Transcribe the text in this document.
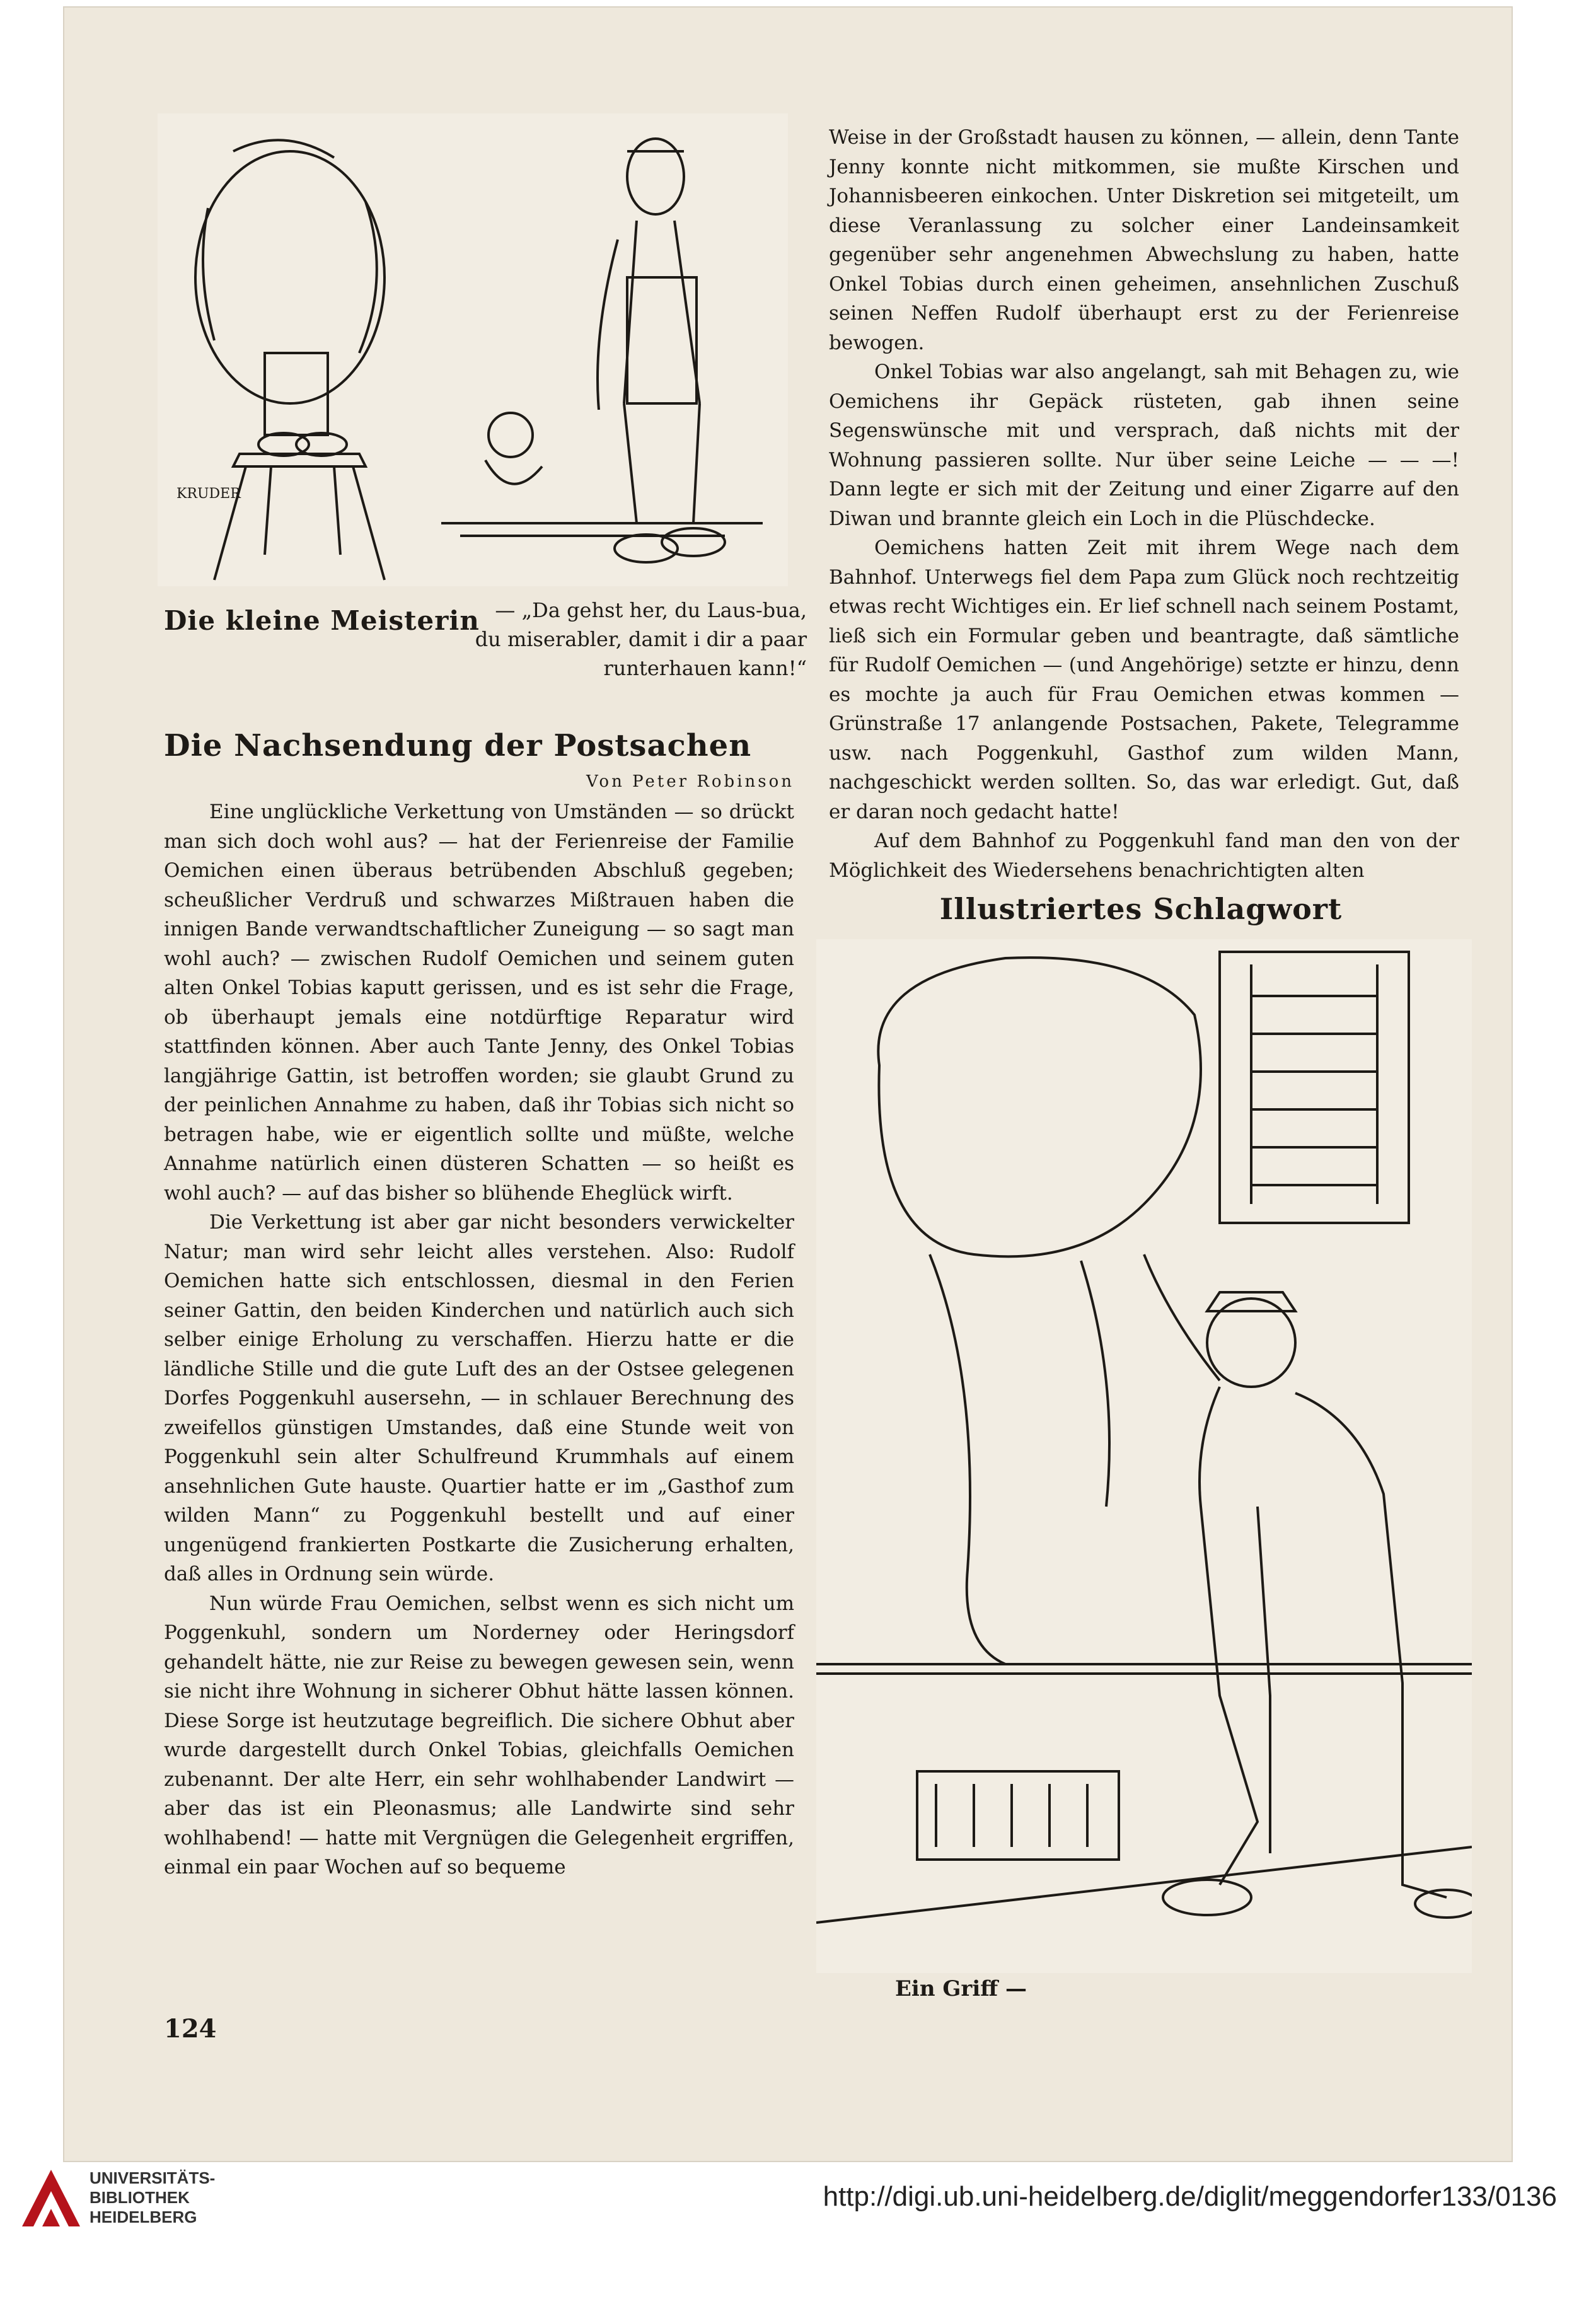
KRUDER
Die kleine Meisterin — „Da gehst her, du Laus-bua, du miserabler, damit i dir a paar runterhauen kann!“
Die Nachsendung der Postsachen
Von Peter Robinson

Eine unglückliche Verkettung von Umständen — so drückt man sich doch wohl aus? — hat der Ferienreise der Familie Oemichen einen überaus betrübenden Abschluß gegeben; scheußlicher Verdruß und schwarzes Mißtrauen haben die innigen Bande verwandtschaftlicher Zuneigung — so sagt man wohl auch? — zwischen Rudolf Oemichen und seinem guten alten Onkel Tobias kaputt gerissen, und es ist sehr die Frage, ob überhaupt jemals eine notdürftige Reparatur wird stattfinden können. Aber auch Tante Jenny, des Onkel Tobias langjährige Gattin, ist betroffen worden; sie glaubt Grund zu der peinlichen Annahme zu haben, daß ihr Tobias sich nicht so betragen habe, wie er eigentlich sollte und müßte, welche Annahme natürlich einen düsteren Schatten — so heißt es wohl auch? — auf das bisher so blühende Eheglück wirft.

Die Verkettung ist aber gar nicht besonders verwickelter Natur; man wird sehr leicht alles verstehen. Also: Rudolf Oemichen hatte sich entschlossen, diesmal in den Ferien seiner Gattin, den beiden Kinderchen und natürlich auch sich selber einige Erholung zu verschaffen. Hierzu hatte er die ländliche Stille und die gute Luft des an der Ostsee gelegenen Dorfes Poggenkuhl ausersehn, — in schlauer Berechnung des zweifellos günstigen Umstandes, daß eine Stunde weit von Poggenkuhl sein alter Schulfreund Krummhals auf einem ansehnlichen Gute hauste. Quartier hatte er im „Gasthof zum wilden Mann“ zu Poggenkuhl bestellt und auf einer ungenügend frankierten Postkarte die Zusicherung erhalten, daß alles in Ordnung sein würde.

Nun würde Frau Oemichen, selbst wenn es sich nicht um Poggenkuhl, sondern um Norderney oder Heringsdorf gehandelt hätte, nie zur Reise zu bewegen gewesen sein, wenn sie nicht ihre Wohnung in sicherer Obhut hätte lassen können. Diese Sorge ist heutzutage begreiflich. Die sichere Obhut aber wurde dargestellt durch Onkel Tobias, gleichfalls Oemichen zubenannt. Der alte Herr, ein sehr wohlhabender Landwirt — aber das ist ein Pleonasmus; alle Landwirte sind sehr wohlhabend! — hatte mit Vergnügen die Gelegenheit ergriffen, einmal ein paar Wochen auf so bequeme

124

Weise in der Großstadt hausen zu können, — allein, denn Tante Jenny konnte nicht mitkommen, sie mußte Kirschen und Johannisbeeren einkochen. Unter Diskretion sei mitgeteilt, um diese Veranlassung zu solcher einer Landeinsamkeit gegenüber sehr angenehmen Abwechslung zu haben, hatte Onkel Tobias durch einen geheimen, ansehnlichen Zuschuß seinen Neffen Rudolf überhaupt erst zu der Ferienreise bewogen.

Onkel Tobias war also angelangt, sah mit Behagen zu, wie Oemichens ihr Gepäck rüsteten, gab ihnen seine Segenswünsche mit und versprach, daß nichts mit der Wohnung passieren sollte. Nur über seine Leiche — — —! Dann legte er sich mit der Zeitung und einer Zigarre auf den Diwan und brannte gleich ein Loch in die Plüschdecke.

Oemichens hatten Zeit mit ihrem Wege nach dem Bahnhof. Unterwegs fiel dem Papa zum Glück noch rechtzeitig etwas recht Wichtiges ein. Er lief schnell nach seinem Postamt, ließ sich ein Formular geben und beantragte, daß sämtliche für Rudolf Oemichen — (und Angehörige) setzte er hinzu, denn es mochte ja auch für Frau Oemichen etwas kommen — Grünstraße 17 anlangende Postsachen, Pakete, Telegramme usw. nach Poggenkuhl, Gasthof zum wilden Mann, nachgeschickt werden sollten. So, das war erledigt. Gut, daß er daran noch gedacht hatte!

Auf dem Bahnhof zu Poggenkuhl fand man den von der Möglichkeit des Wiedersehens benachrichtigten alten

Illustriertes Schlagwort
Ein Griff —
UNIVERSITÄTS-
BIBLIOTHEK
HEIDELBERG
http://digi.ub.uni-heidelberg.de/diglit/meggendorfer133/0136
